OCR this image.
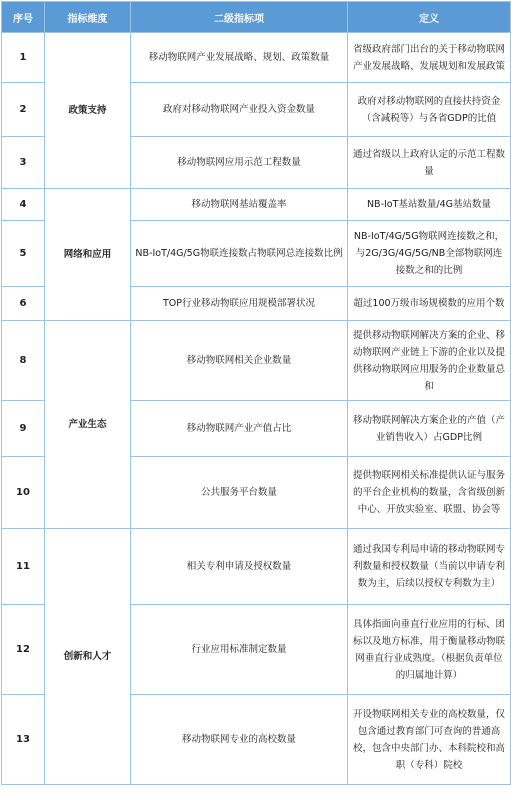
序号	指标维度	二级指标项	定义
1	政策支持	移动物联网产业发展战略、规划、政策数量	省级政府部门出台的关于移动物联网产业发展战略、发展规划和发展政策
2		政府对移动物联网产业投入资金数量	政府对移动物联网的直接扶持资金（含减税等）与各省GDP的比值
3		移动物联网应用示范工程数量	通过省级以上政府认定的示范工程数量
4	网络和应用	移动物联网基站覆盖率	NB-IoT基站数量/4G基站数量
5		NB-IoT/4G/5G物联连接数占物联网总连接数比例	NB-IoT/4G/5G物联网连接数之和，与2G/3G/4G/5G/NB全部物联网连接数之和的比例
6		TOP行业移动物联应用规模部署状况	超过100万级市场规模数的应用个数
8	产业生态	移动物联网相关企业数量	提供移动物联网解决方案的企业、移动物联网产业链上下游的企业以及提供移动物联网应用服务的企业数量总和
9		移动物联网产业产值占比	移动物联网解决方案企业的产值（产业销售收入）占GDP比例
10		公共服务平台数量	提供物联网相关标准提供认证与服务的平台企业机构的数量，含省级创新中心、开放实验室、联盟、协会等
11	创新和人才	相关专利申请及授权数量	通过我国专利局申请的移动物联网专利数量和授权数量（当前以申请专利数为主，后续以授权专利数为主）
12		行业应用标准制定数量	具体指面向垂直行业应用的行标、团标以及地方标准，用于衡量移动物联网垂直行业成熟度。（根据负责单位的归属地计算）
13		移动物联网专业的高校数量	开设物联网相关专业的高校数量，仅包含通过教育部门可查询的普通高校，包含中央部门办、本科院校和高职（专科）院校
